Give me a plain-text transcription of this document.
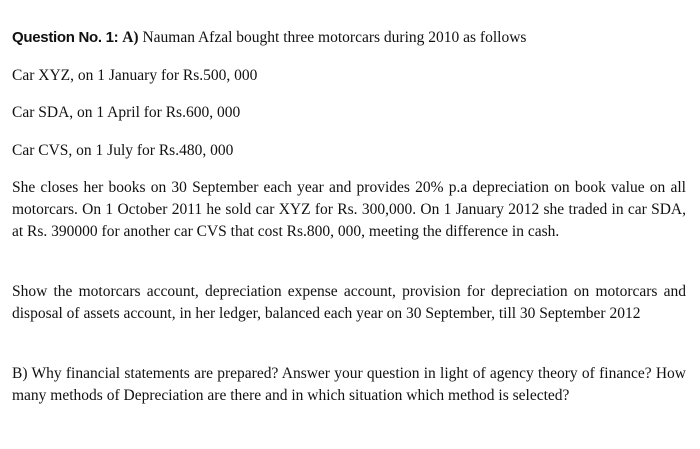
Question No. 1: A) Nauman Afzal bought three motorcars during 2010 as follows
Car XYZ, on 1 January for Rs.500, 000
Car SDA, on 1 April for Rs.600, 000
Car CVS, on 1 July for Rs.480, 000
She closes her books on 30 September each year and provides 20% p.a depreciation on book value on all motorcars. On 1 October 2011 he sold car XYZ for Rs. 300,000. On 1 January 2012 she traded in car SDA, at Rs. 390000 for another car CVS that cost Rs.800, 000, meeting the difference in cash.
Show the motorcars account, depreciation expense account, provision for depreciation on motorcars and disposal of assets account, in her ledger, balanced each year on 30 September, till 30 September 2012
B) Why financial statements are prepared? Answer your question in light of agency theory of finance? How many methods of Depreciation are there and in which situation which method is selected?
